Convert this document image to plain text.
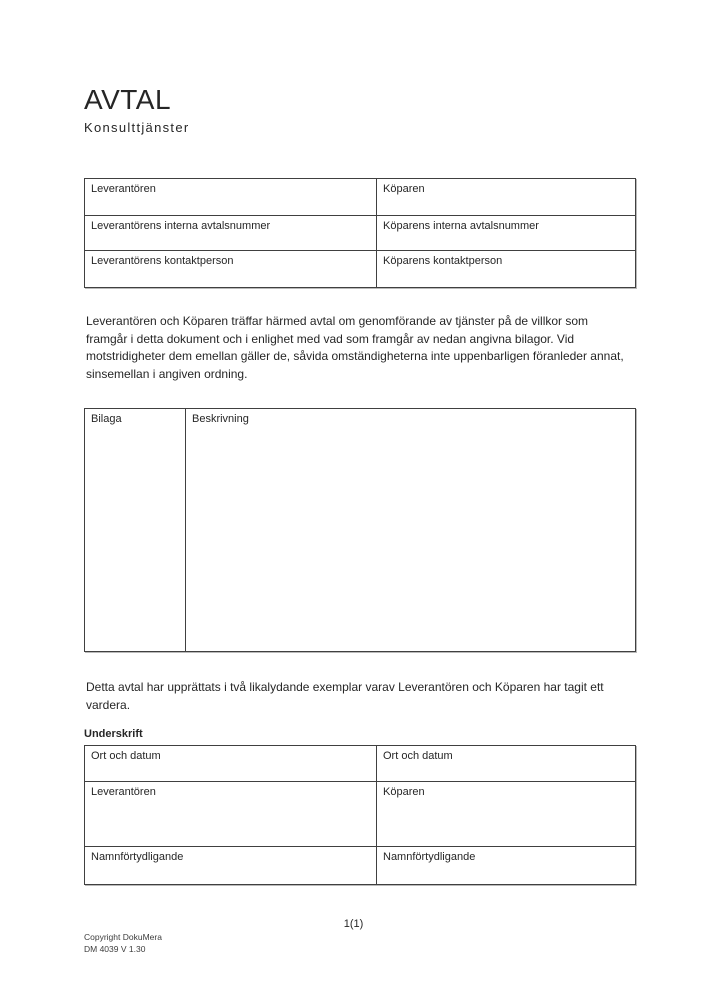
AVTAL
Konsulttjänster
Leverantören	Köparen
Leverantörens interna avtalsnummer	Köparens interna avtalsnummer
Leverantörens kontaktperson	Köparens kontaktperson
Leverantören och Köparen träffar härmed avtal om genomförande av tjänster på de villkor som framgår i detta dokument och i enlighet med vad som framgår av nedan angivna bilagor. Vid motstridigheter dem emellan gäller de, såvida omständigheterna inte uppenbarligen föranleder annat, sinsemellan i angiven ordning.
Bilaga	Beskrivning
Detta avtal har upprättats i två likalydande exemplar varav Leverantören och Köparen har tagit ett vardera.
Underskrift
Ort och datum	Ort och datum
Leverantören	Köparen
Namnförtydligande	Namnförtydligande
1(1)
Copyright DokuMera
DM 4039 V 1.30
